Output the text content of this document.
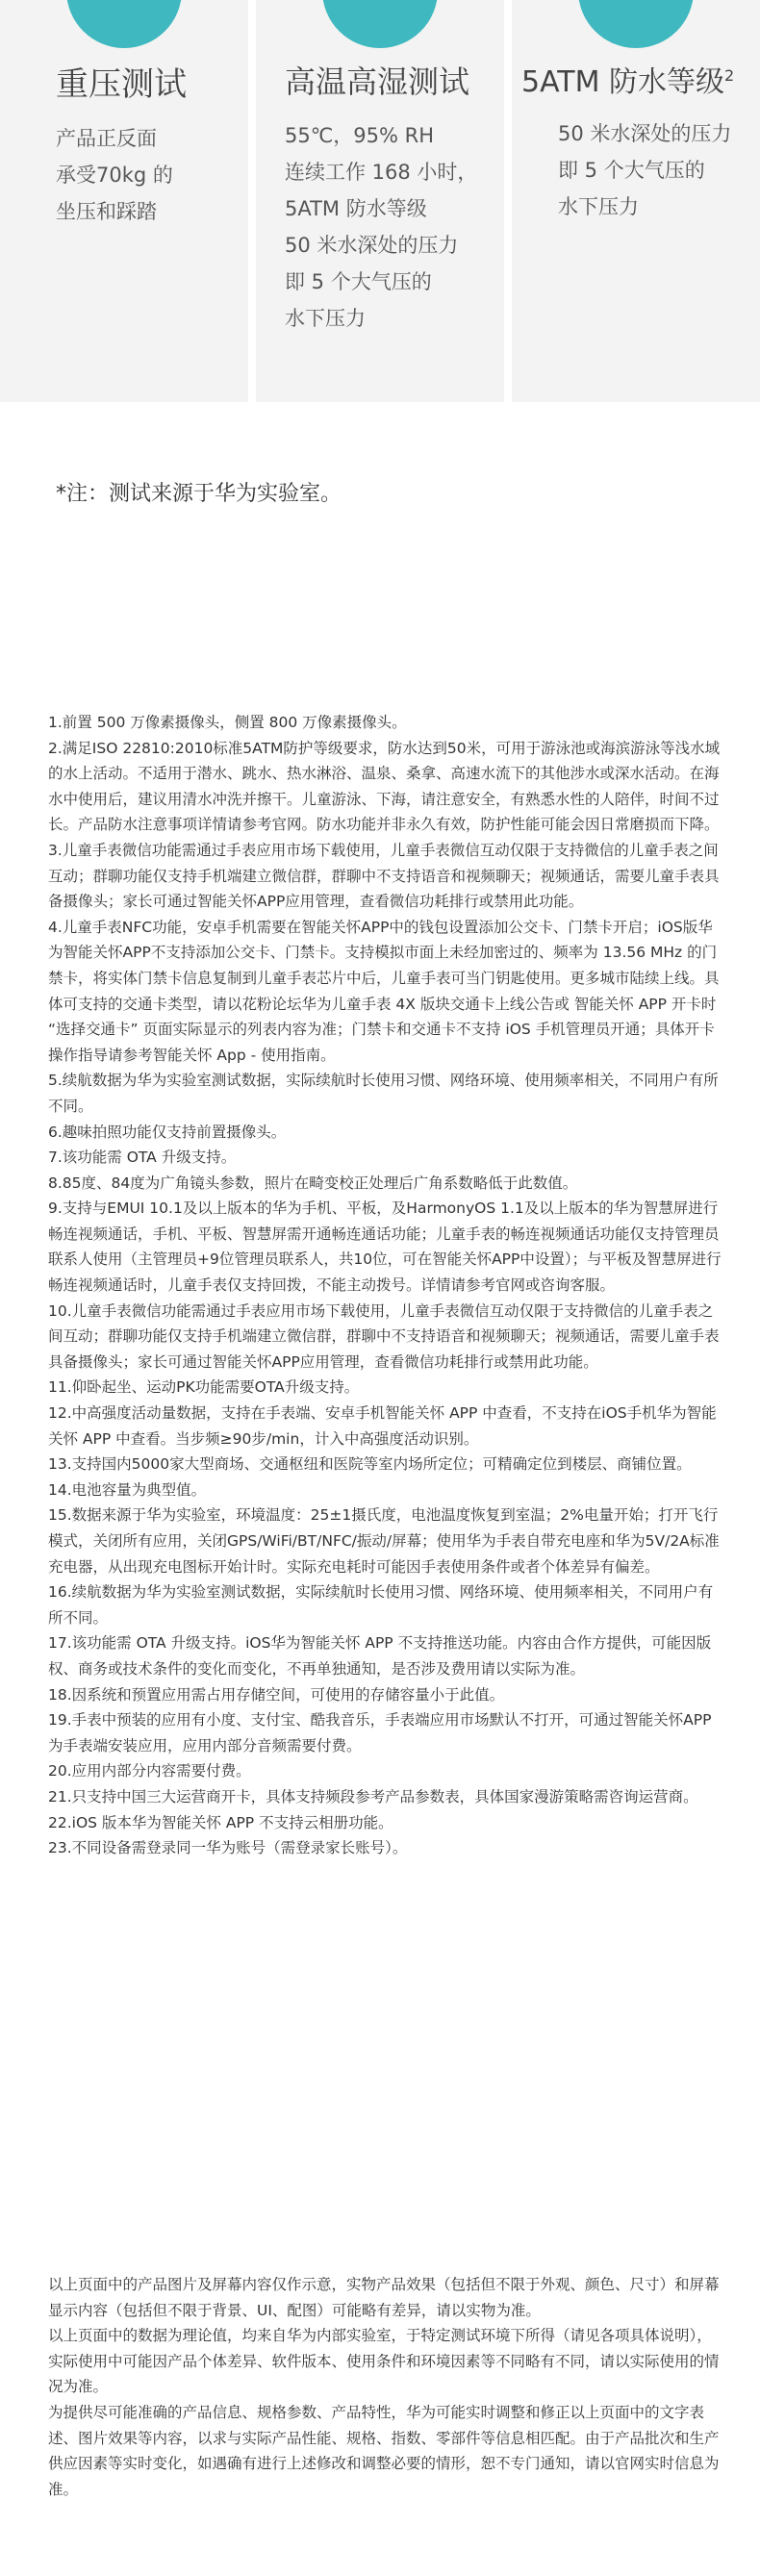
重压测试
产品正反面
承受70kg 的
坐压和踩踏
高温高湿测试
55℃，95% RH
连续工作 168 小时，
5ATM 防水等级
50 米水深处的压力
即 5 个大气压的
水下压力
5ATM 防水等级$^2$
50 米水深处的压力
即 5 个大气压的
水下压力
*注：测试来源于华为实验室。

1.前置 500 万像素摄像头，侧置 800 万像素摄像头。

2.满足ISO 22810:2010标准5ATM防护等级要求，防水达到50米，可用于游泳池或海滨游泳等浅水域的水上活动。不适用于潜水、跳水、热水淋浴、温泉、桑拿、高速水流下的其他涉水或深水活动。在海水中使用后，建议用清水冲洗并擦干。儿童游泳、下海，请注意安全，有熟悉水性的人陪伴，时间不过长。产品防水注意事项详情请参考官网。防水功能并非永久有效，防护性能可能会因日常磨损而下降。

3.儿童手表微信功能需通过手表应用市场下载使用，儿童手表微信互动仅限于支持微信的儿童手表之间互动；群聊功能仅支持手机端建立微信群，群聊中不支持语音和视频聊天；视频通话，需要儿童手表具备摄像头；家长可通过智能关怀APP应用管理，查看微信功耗排行或禁用此功能。

4.儿童手表NFC功能，安卓手机需要在智能关怀APP中的钱包设置添加公交卡、门禁卡开启；iOS版华为智能关怀APP不支持添加公交卡、门禁卡。支持模拟市面上未经加密过的、频率为 13.56 MHz 的门禁卡，将实体门禁卡信息复制到儿童手表芯片中后，儿童手表可当门钥匙使用。更多城市陆续上线。具体可支持的交通卡类型，请以花粉论坛华为儿童手表 4X 版块交通卡上线公告或 智能关怀 APP 开卡时 “选择交通卡” 页面实际显示的列表内容为准；门禁卡和交通卡不支持 iOS 手机管理员开通；具体开卡操作指导请参考智能关怀 App - 使用指南。

5.续航数据为华为实验室测试数据，实际续航时长使用习惯、网络环境、使用频率相关，不同用户有所不同。

6.趣味拍照功能仅支持前置摄像头。

7.该功能需 OTA 升级支持。

8.85度、84度为广角镜头参数，照片在畸变校正处理后广角系数略低于此数值。

9.支持与EMUI 10.1及以上版本的华为手机、平板，及HarmonyOS 1.1及以上版本的华为智慧屏进行畅连视频通话，手机、平板、智慧屏需开通畅连通话功能；儿童手表的畅连视频通话功能仅支持管理员联系人使用（主管理员+9位管理员联系人，共10位，可在智能关怀APP中设置）；与平板及智慧屏进行畅连视频通话时，儿童手表仅支持回拨，不能主动拨号。详情请参考官网或咨询客服。

10.儿童手表微信功能需通过手表应用市场下载使用，儿童手表微信互动仅限于支持微信的儿童手表之间互动；群聊功能仅支持手机端建立微信群，群聊中不支持语音和视频聊天；视频通话，需要儿童手表具备摄像头；家长可通过智能关怀APP应用管理，查看微信功耗排行或禁用此功能。

11.仰卧起坐、运动PK功能需要OTA升级支持。

12.中高强度活动量数据，支持在手表端、安卓手机智能关怀 APP 中查看，不支持在iOS手机华为智能关怀 APP 中查看。当步频≥90步/min，计入中高强度活动识别。

13.支持国内5000家大型商场、交通枢纽和医院等室内场所定位；可精确定位到楼层、商铺位置。

14.电池容量为典型值。

15.数据来源于华为实验室，环境温度：25±1摄氏度，电池温度恢复到室温；2%电量开始；打开飞行模式，关闭所有应用，关闭GPS/WiFi/BT/NFC/振动/屏幕；使用华为手表自带充电座和华为5V/2A标准充电器，从出现充电图标开始计时。实际充电耗时可能因手表使用条件或者个体差异有偏差。

16.续航数据为华为实验室测试数据，实际续航时长使用习惯、网络环境、使用频率相关，不同用户有所不同。

17.该功能需 OTA 升级支持。iOS华为智能关怀 APP 不支持推送功能。内容由合作方提供，可能因版权、商务或技术条件的变化而变化，不再单独通知，是否涉及费用请以实际为准。

18.因系统和预置应用需占用存储空间，可使用的存储容量小于此值。

19.手表中预装的应用有小度、支付宝、酷我音乐，手表端应用市场默认不打开，可通过智能关怀APP为手表端安装应用，应用内部分音频需要付费。

20.应用内部分内容需要付费。

21.只支持中国三大运营商开卡，具体支持频段参考产品参数表，具体国家漫游策略需咨询运营商。

22.iOS 版本华为智能关怀 APP 不支持云相册功能。

23.不同设备需登录同一华为账号（需登录家长账号）。

以上页面中的产品图片及屏幕内容仅作示意，实物产品效果（包括但不限于外观、颜色、尺寸）和屏幕显示内容（包括但不限于背景、UI、配图）可能略有差异，请以实物为准。

以上页面中的数据为理论值，均来自华为内部实验室，于特定测试环境下所得（请见各项具体说明），实际使用中可能因产品个体差异、软件版本、使用条件和环境因素等不同略有不同，请以实际使用的情况为准。

为提供尽可能准确的产品信息、规格参数、产品特性，华为可能实时调整和修正以上页面中的文字表述、图片效果等内容，以求与实际产品性能、规格、指数、零部件等信息相匹配。由于产品批次和生产供应因素等实时变化，如遇确有进行上述修改和调整必要的情形，恕不专门通知，请以官网实时信息为准。
